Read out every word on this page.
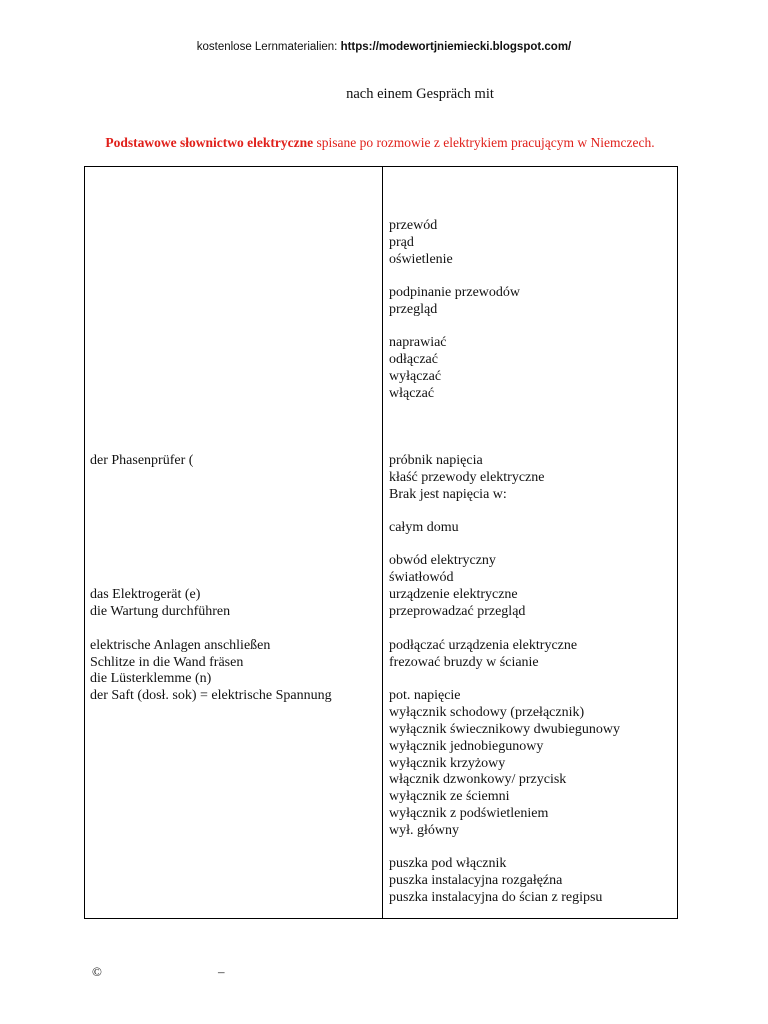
kostenlose Lernmaterialien: https://modewortjniemiecki.blogspot.com/
nach einem Gespräch mit
Podstawowe słownictwo elektryczne spisane po rozmowie z elektrykiem pracującym w Niemczech.
der Phasenprüfer (
das Elektrogerät (e)
die Wartung durchführen
elektrische Anlagen anschließen
Schlitze in die Wand fräsen
die Lüsterklemme (n)
der Saft (dosł. sok) = elektrische Spannung
przewód
prąd
oświetlenie
podpinanie przewodów
przegląd
naprawiać
odłączać
wyłączać
włączać
próbnik napięcia
kłaść przewody elektryczne
Brak jest napięcia w:
całym domu
obwód elektryczny
światłowód
urządzenie elektryczne
przeprowadzać przegląd
podłączać urządzenia elektryczne
frezować bruzdy w ścianie
pot. napięcie
wyłącznik schodowy (przełącznik)
wyłącznik świecznikowy dwubiegunowy
wyłącznik jednobiegunowy
wyłącznik krzyżowy
włącznik dzwonkowy/ przycisk
wyłącznik ze ściemni
wyłącznik z podświetleniem
wył. główny
puszka pod włącznik
puszka instalacyjna rozgałęźna
puszka instalacyjna do ścian z regipsu
©	–
